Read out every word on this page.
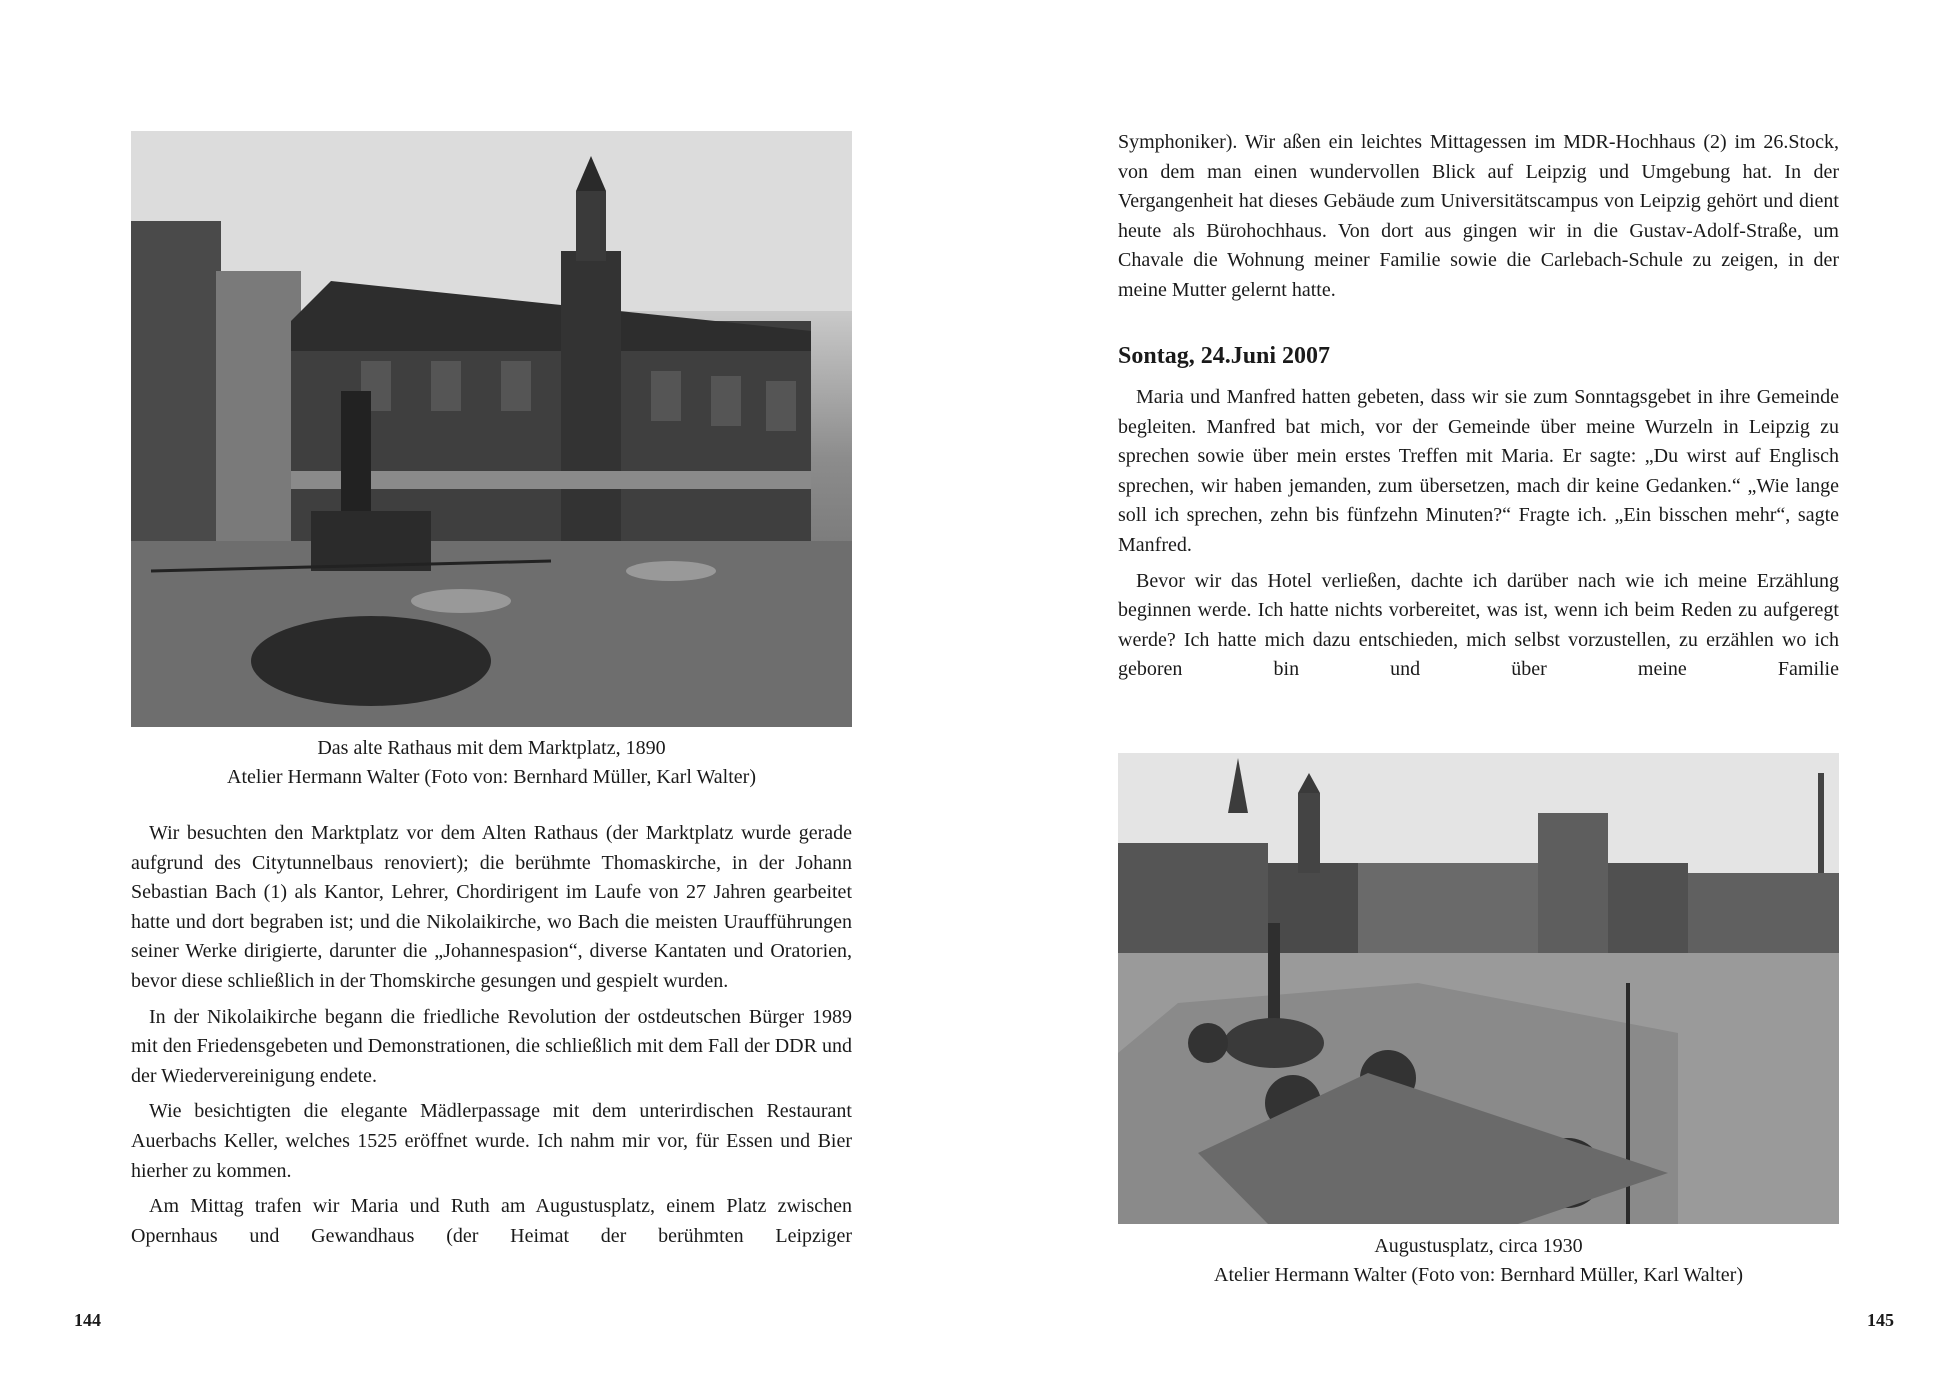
Das alte Rathaus mit dem Marktplatz, 1890
Atelier Hermann Walter (Foto von: Bernhard Müller, Karl Walter)

Wir besuchten den Marktplatz vor dem Alten Rathaus (der Marktplatz wurde gerade aufgrund des Citytunnelbaus renoviert); die berühmte Thomaskirche, in der Johann Sebastian Bach (1) als Kantor, Lehrer, Chordirigent im Laufe von 27 Jahren gearbeitet hatte und dort begraben ist; und die Nikolaikirche, wo Bach die meisten Uraufführungen seiner Werke dirigierte, darunter die „Johannespasion“, diverse Kantaten und Oratorien, bevor diese schließlich in der Thomskirche gesungen und gespielt wurden.

In der Nikolaikirche begann die friedliche Revolution der ostdeutschen Bürger 1989 mit den Friedensgebeten und Demonstrationen, die schließlich mit dem Fall der DDR und der Wiedervereinigung endete.

Wie besichtigten die elegante Mädlerpassage mit dem unterirdischen Restaurant Auerbachs Keller, welches 1525 eröffnet wurde. Ich nahm mir vor, für Essen und Bier hierher zu kommen.

Am Mittag trafen wir Maria und Ruth am Augustusplatz, einem Platz zwischen Opernhaus und Gewandhaus (der Heimat der berühmten Leipziger

144

Symphoniker). Wir aßen ein leichtes Mittagessen im MDR-Hochhaus (2) im 26.Stock, von dem man einen wundervollen Blick auf Leipzig und Umgebung hat. In der Vergangenheit hat dieses Gebäude zum Universitätscampus von Leipzig gehört und dient heute als Bürohochhaus. Von dort aus gingen wir in die Gustav-Adolf-Straße, um Chavale die Wohnung meiner Familie sowie die Carlebach-Schule zu zeigen, in der meine Mutter gelernt hatte.

Sontag, 24.Juni 2007

Maria und Manfred hatten gebeten, dass wir sie zum Sonntagsgebet in ihre Gemeinde begleiten. Manfred bat mich, vor der Gemeinde über meine Wurzeln in Leipzig zu sprechen sowie über mein erstes Treffen mit Maria. Er sagte: „Du wirst auf Englisch sprechen, wir haben jemanden, zum übersetzen, mach dir keine Gedanken.“ „Wie lange soll ich sprechen, zehn bis fünfzehn Minuten?“ Fragte ich. „Ein bisschen mehr“, sagte Manfred.

Bevor wir das Hotel verließen, dachte ich darüber nach wie ich meine Erzählung beginnen werde. Ich hatte nichts vorbereitet, was ist, wenn ich beim Reden zu aufgeregt werde? Ich hatte mich dazu entschieden, mich selbst vorzustellen, zu erzählen wo ich geboren bin und über meine Familie

Augustusplatz, circa 1930
Atelier Hermann Walter (Foto von: Bernhard Müller, Karl Walter)
145
